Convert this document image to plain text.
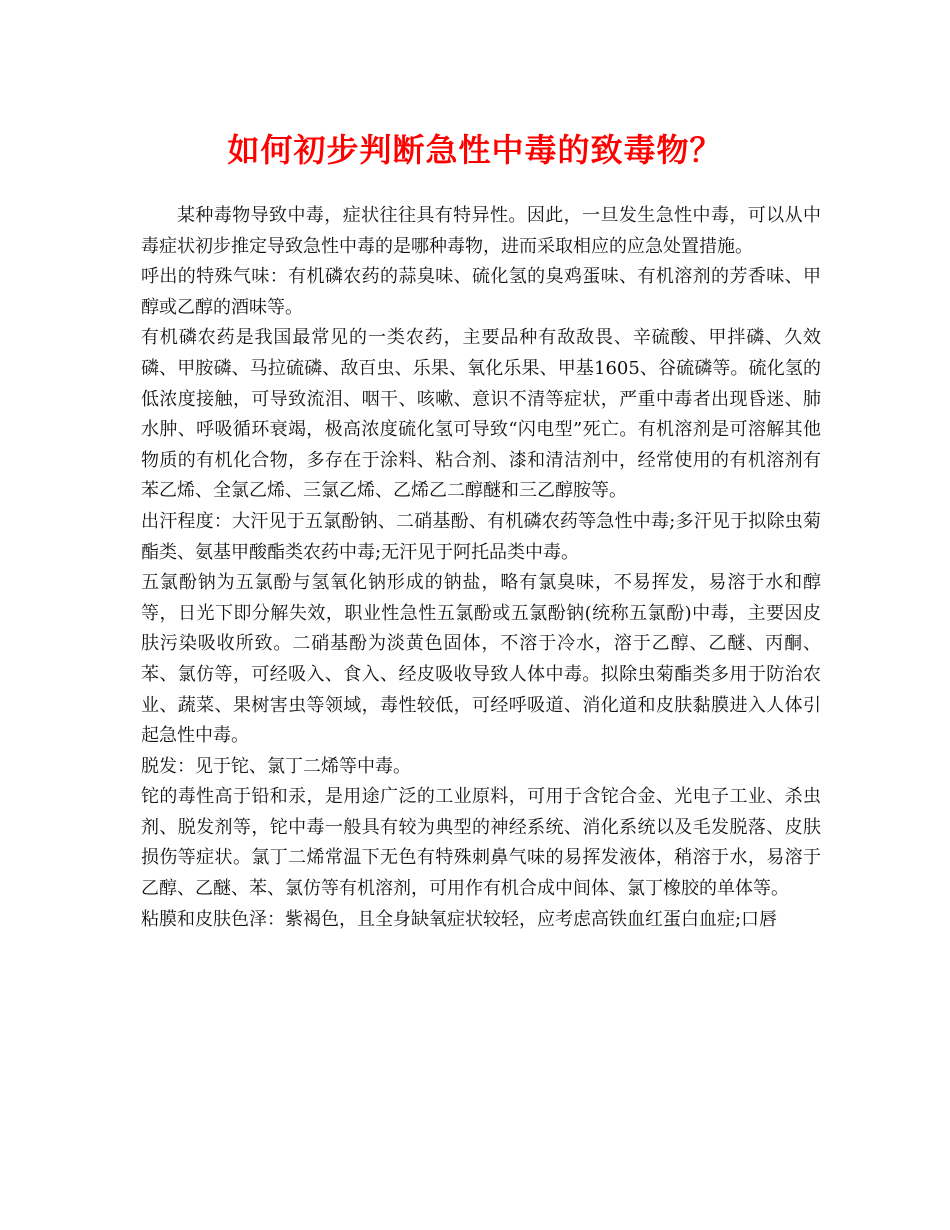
如何初步判断急性中毒的致毒物？

某种毒物导致中毒，症状往往具有特异性。因此，一旦发生急性中毒，可以从中毒症状初步推定导致急性中毒的是哪种毒物，进而采取相应的应急处置措施。

呼出的特殊气味：有机磷农药的蒜臭味、硫化氢的臭鸡蛋味、有机溶剂的芳香味、甲醇或乙醇的酒味等。

有机磷农药是我国最常见的一类农药，主要品种有敌敌畏、辛硫酸、甲拌磷、久效磷、甲胺磷、马拉硫磷、敌百虫、乐果、氧化乐果、甲基1605、谷硫磷等。硫化氢的低浓度接触，可导致流泪、咽干、咳嗽、意识不清等症状，严重中毒者出现昏迷、肺水肿、呼吸循环衰竭，极高浓度硫化氢可导致“闪电型”死亡。有机溶剂是可溶解其他物质的有机化合物，多存在于涂料、粘合剂、漆和清洁剂中，经常使用的有机溶剂有苯乙烯、全氯乙烯、三氯乙烯、乙烯乙二醇醚和三乙醇胺等。

出汗程度：大汗见于五氯酚钠、二硝基酚、有机磷农药等急性中毒;多汗见于拟除虫菊酯类、氨基甲酸酯类农药中毒;无汗见于阿托品类中毒。

五氯酚钠为五氯酚与氢氧化钠形成的钠盐，略有氯臭味，不易挥发，易溶于水和醇等，日光下即分解失效，职业性急性五氯酚或五氯酚钠(统称五氯酚)中毒，主要因皮肤污染吸收所致。二硝基酚为淡黄色固体，不溶于冷水，溶于乙醇、乙醚、丙酮、苯、氯仿等，可经吸入、食入、经皮吸收导致人体中毒。拟除虫菊酯类多用于防治农业、蔬菜、果树害虫等领域，毒性较低，可经呼吸道、消化道和皮肤黏膜进入人体引起急性中毒。

脱发：见于铊、氯丁二烯等中毒。

铊的毒性高于铅和汞，是用途广泛的工业原料，可用于含铊合金、光电子工业、杀虫剂、脱发剂等，铊中毒一般具有较为典型的神经系统、消化系统以及毛发脱落、皮肤损伤等症状。氯丁二烯常温下无色有特殊刺鼻气味的易挥发液体，稍溶于水，易溶于乙醇、乙醚、苯、氯仿等有机溶剂，可用作有机合成中间体、氯丁橡胶的单体等。

粘膜和皮肤色泽：紫褐色，且全身缺氧症状较轻，应考虑高铁血红蛋白血症;口唇
